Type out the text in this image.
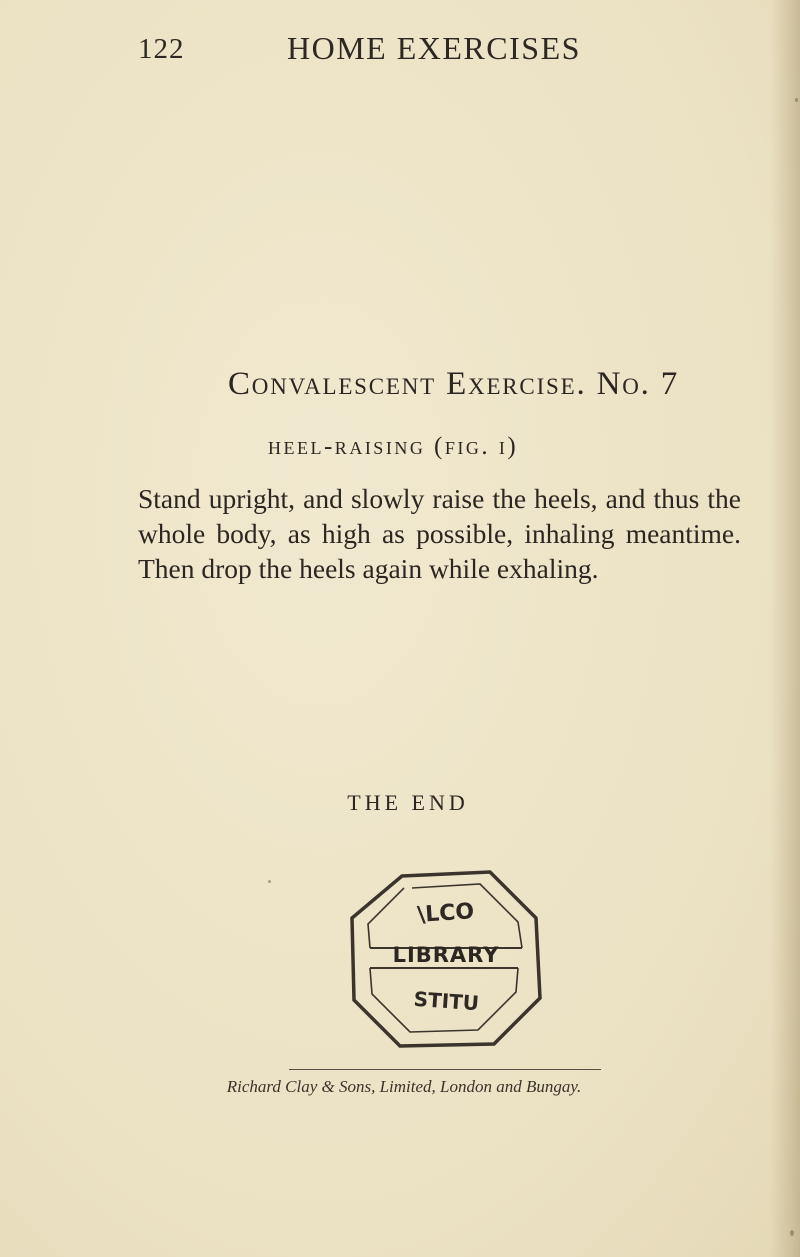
122	HOME EXERCISES
Convalescent Exercise. No. 7
heel-raising (fig. i)
Stand upright, and slowly raise the heels, and thus the whole body, as high as possible, inhaling meantime. Then drop the heels again while exhaling.
THE END
\LCO
LIBRARY
STITU
Richard Clay & Sons, Limited, London and Bungay.
